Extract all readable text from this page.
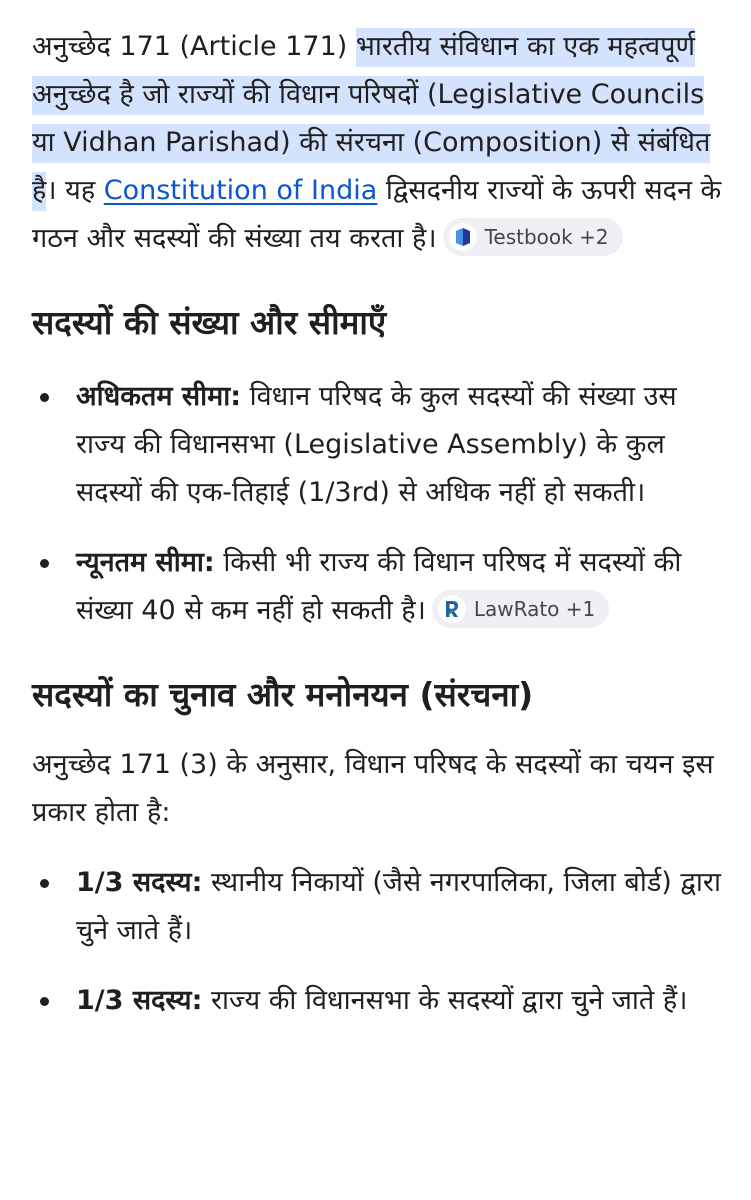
अनुच्छेद 171 (Article 171) भारतीय संविधान का एक महत्वपूर्ण अनुच्छेद है जो राज्यों की विधान परिषदों (Legislative Councils या Vidhan Parishad) की संरचना (Composition) से संबंधित है। यह Constitution of India द्विसदनीय राज्यों के ऊपरी सदन के गठन और सदस्यों की संख्या तय करता है। Testbook +2

सदस्यों की संख्या और सीमाएँ
अधिकतम सीमा: विधान परिषद के कुल सदस्यों की संख्या उस राज्य की विधानसभा (Legislative Assembly) के कुल सदस्यों की एक-तिहाई (1/3rd) से अधिक नहीं हो सकती।
न्यूनतम सीमा: किसी भी राज्य की विधान परिषद में सदस्यों की संख्या 40 से कम नहीं हो सकती है। LawRato +1
सदस्यों का चुनाव और मनोनयन (संरचना)

अनुच्छेद 171 (3) के अनुसार, विधान परिषद के सदस्यों का चयन इस प्रकार होता है:

1/3 सदस्य: स्थानीय निकायों (जैसे नगरपालिका, जिला बोर्ड) द्वारा चुने जाते हैं।
1/3 सदस्य: राज्य की विधानसभा के सदस्यों द्वारा चुने जाते हैं।
